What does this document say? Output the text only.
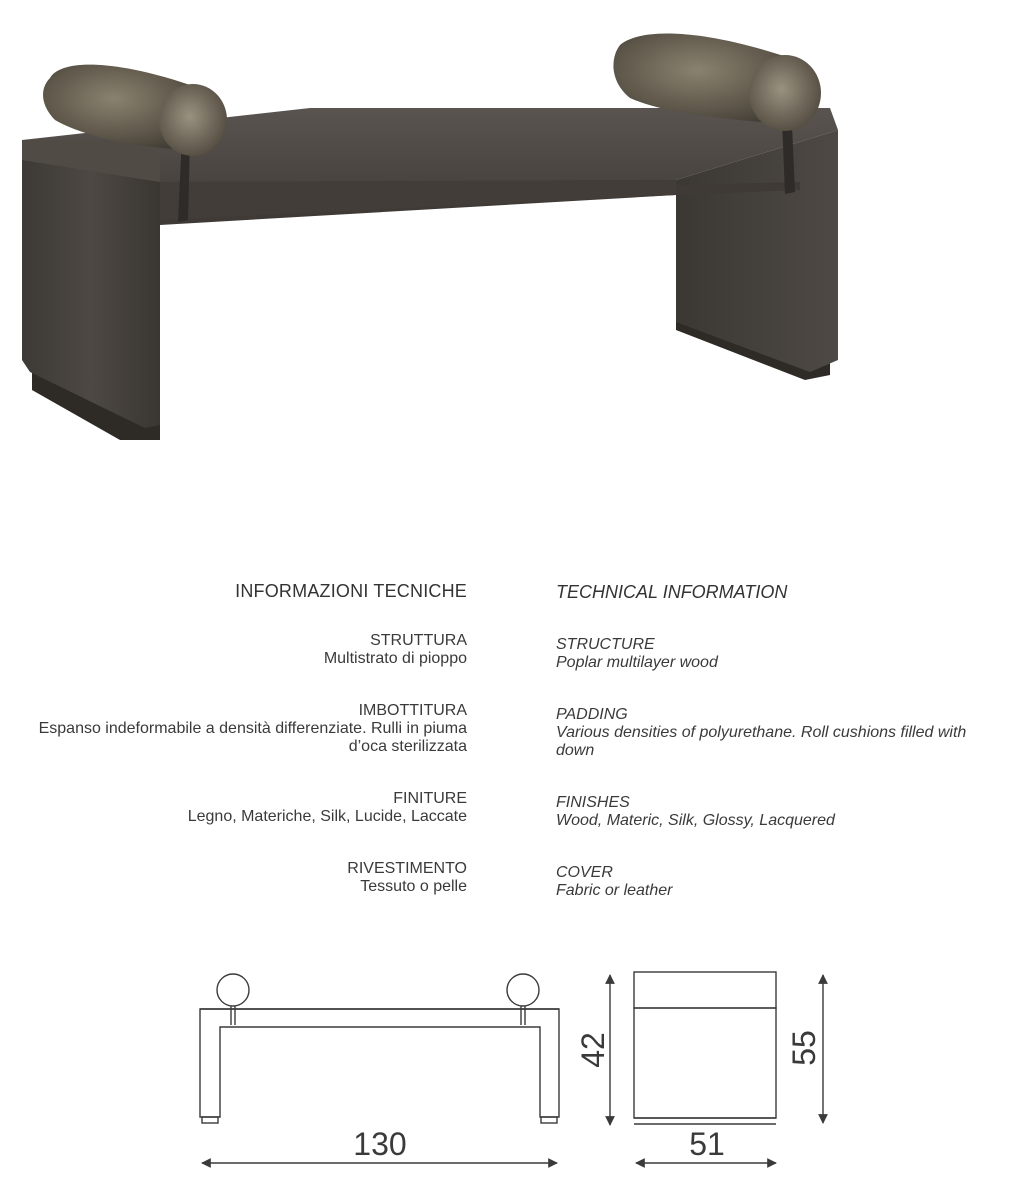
INFORMAZIONI TECNICHE
STRUTTURA
Multistrato di pioppo
IMBOTTITURA
Espanso indeformabile a densità differenziate. Rulli in piuma d’oca sterilizzata
FINITURE
Legno, Materiche, Silk, Lucide, Laccate
RIVESTIMENTO
Tessuto o pelle
TECHNICAL INFORMATION
STRUCTURE
Poplar multilayer wood
PADDING
Various densities of polyurethane. Roll cushions filled with down
FINISHES
Wood, Materic, Silk, Glossy, Lacquered
COVER
Fabric or leather
130
42	55
51
